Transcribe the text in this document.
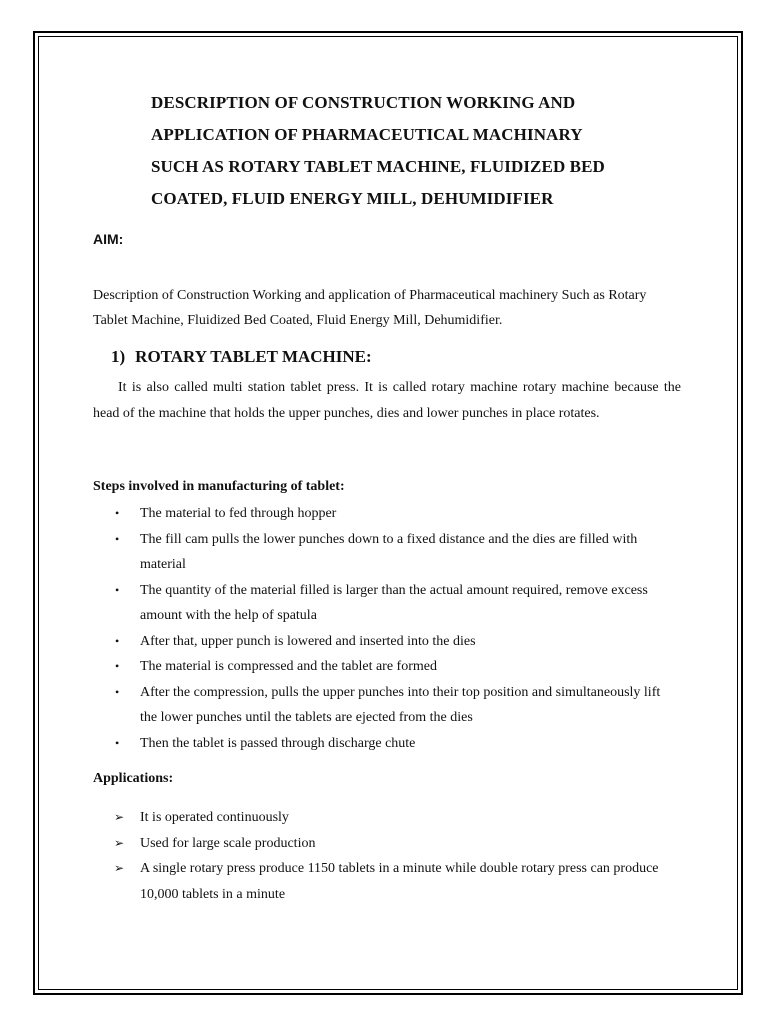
DESCRIPTION OF CONSTRUCTION WORKING AND
APPLICATION OF PHARMACEUTICAL MACHINARY
SUCH AS ROTARY TABLET MACHINE, FLUIDIZED BED
COATED, FLUID ENERGY MILL, DEHUMIDIFIER
AIM:

Description of Construction Working and application of Pharmaceutical machinery Such as Rotary Tablet Machine, Fluidized Bed Coated, Fluid Energy Mill, Dehumidifier.

1) ROTARY TABLET MACHINE:

It is also called multi station tablet press. It is called rotary machine rotary machine because the head of the machine that holds the upper punches, dies and lower punches in place rotates.

Steps involved in manufacturing of tablet:
• The material to fed through hopper
• The fill cam pulls the lower punches down to a fixed distance and the dies are filled with material
• The quantity of the material filled is larger than the actual amount required, remove excess amount with the help of spatula
• After that, upper punch is lowered and inserted into the dies
• The material is compressed and the tablet are formed
• After the compression, pulls the upper punches into their top position and simultaneously lift the lower punches until the tablets are ejected from the dies
• Then the tablet is passed through discharge chute
Applications:
➢ It is operated continuously
➢ Used for large scale production
➢ A single rotary press produce 1150 tablets in a minute while double rotary press can produce 10,000 tablets in a minute
